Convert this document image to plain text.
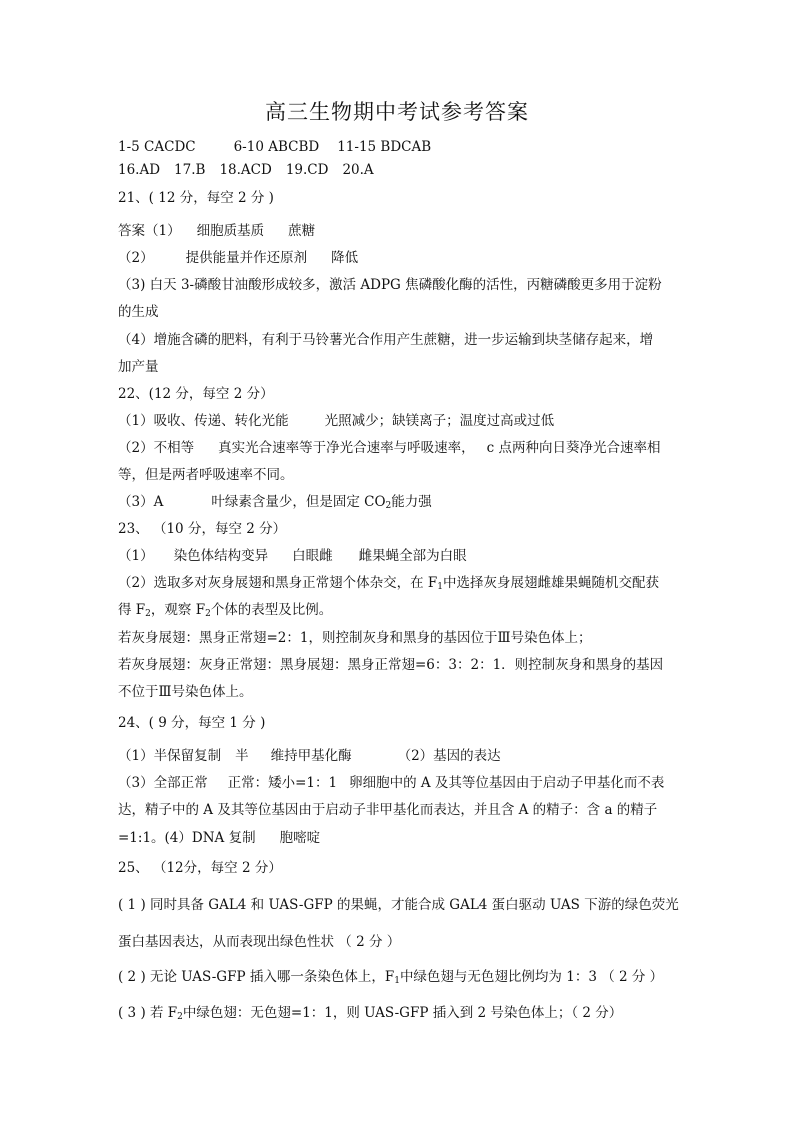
高三生物期中考试参考答案
1-5 CACDC	6-10 ABCBD 11-15 BDCAB
16.AD 17.B 18.ACD 19.CD 20.A
21、( 12 分，每空 2 分 )
答案（1） 细胞质基质 蔗糖
（2） 提供能量并作还原剂 降低
（3) 白天 3-磷酸甘油酸形成较多，激活 ADPG 焦磷酸化酶的活性，丙糖磷酸更多用于淀粉
的生成
（4）增施含磷的肥料，有利于马铃薯光合作用产生蔗糖，进一步运输到块茎储存起来，增
加产量
22、(12 分，每空 2 分）
（1）吸收、传递、转化光能	光照减少；缺镁离子；温度过高或过低
（2）不相等 真实光合速率等于净光合速率与呼吸速率， c 点两种向日葵净光合速率相
等，但是两者呼吸速率不同。
（3）A	叶绿素含量少，但是固定 $CO_2$能力强
23、 （10 分，每空 2 分）
（1） 染色体结构变异 白眼雌 雌果蝇全部为白眼
（2）选取多对灰身展翅和黑身正常翅个体杂交，在 $F_1$中选择灰身展翅雌雄果蝇随机交配获
得 $F_2$，观察 $F_2$个体的表型及比例。
若灰身展翅：黑身正常翅=2：1，则控制灰身和黑身的基因位于Ⅲ号染色体上；
若灰身展翅：灰身正常翅：黑身展翅：黑身正常翅=6：3：2：1．则控制灰身和黑身的基因
不位于Ⅲ号染色体上。
24、( 9 分，每空 1 分 )
（1）半保留复制 半 维持甲基化酶	（2）基因的表达
（3）全部正常 正常：矮小=1：1 卵细胞中的 A 及其等位基因由于启动子甲基化而不表
达，精子中的 A 及其等位基因由于启动子非甲基化而表达，并且含 A 的精子：含 a 的精子
=1:1。(4）DNA 复制 胞嘧啶
25、 （12分，每空 2 分）
( 1 ) 同时具备 GAL4 和 UAS-GFP 的果蝇，才能合成 GAL4 蛋白驱动 UAS 下游的绿色荧光
蛋白基因表达，从而表现出绿色性状 （ 2 分 ）
( 2 ) 无论 UAS-GFP 插入哪一条染色体上，$F_1$中绿色翅与无色翅比例均为 1：3 （ 2 分 ）
( 3 ) 若 $F_2$中绿色翅：无色翅=1：1，则 UAS-GFP 插入到 2 号染色体上；（ 2 分）
